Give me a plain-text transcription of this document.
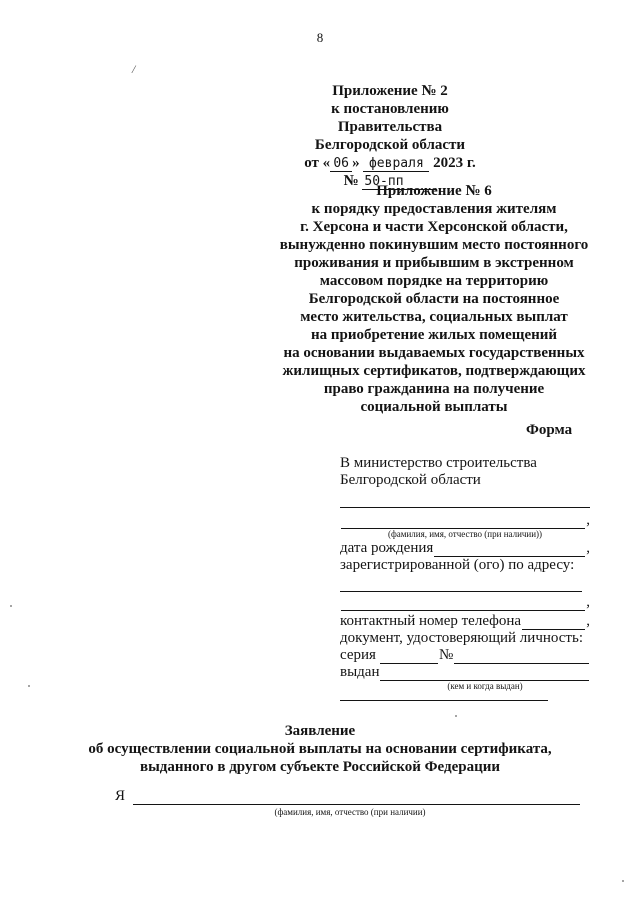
8
/
Приложение № 2
к постановлению Правительства
Белгородской области
от « 06 » февраля 2023 г.
№ 50-пп
Приложение № 6
к порядку предоставления жителям
г. Херсона и части Херсонской области,
вынужденно покинувшим место постоянного
проживания и прибывшим в экстренном
массовом порядке на территорию
Белгородской области на постоянное
место жительства, социальных выплат
на приобретение жилых помещений
на основании выдаваемых государственных
жилищных сертификатов, подтверждающих
право гражданина на получение
социальной выплаты
Форма
В министерство строительства
Белгородской области
,
(фамилия, имя, отчество (при наличии))
дата рождения	,
зарегистрированной (ого) по адресу:
,
контактный номер телефона	,
документ, удостоверяющий личность:
серия	№
выдан
(кем и когда выдан)
Заявление
об осуществлении социальной выплаты на основании сертификата,
выданного в другом субъекте Российской Федерации
Я
(фамилия, имя, отчество (при наличии)
